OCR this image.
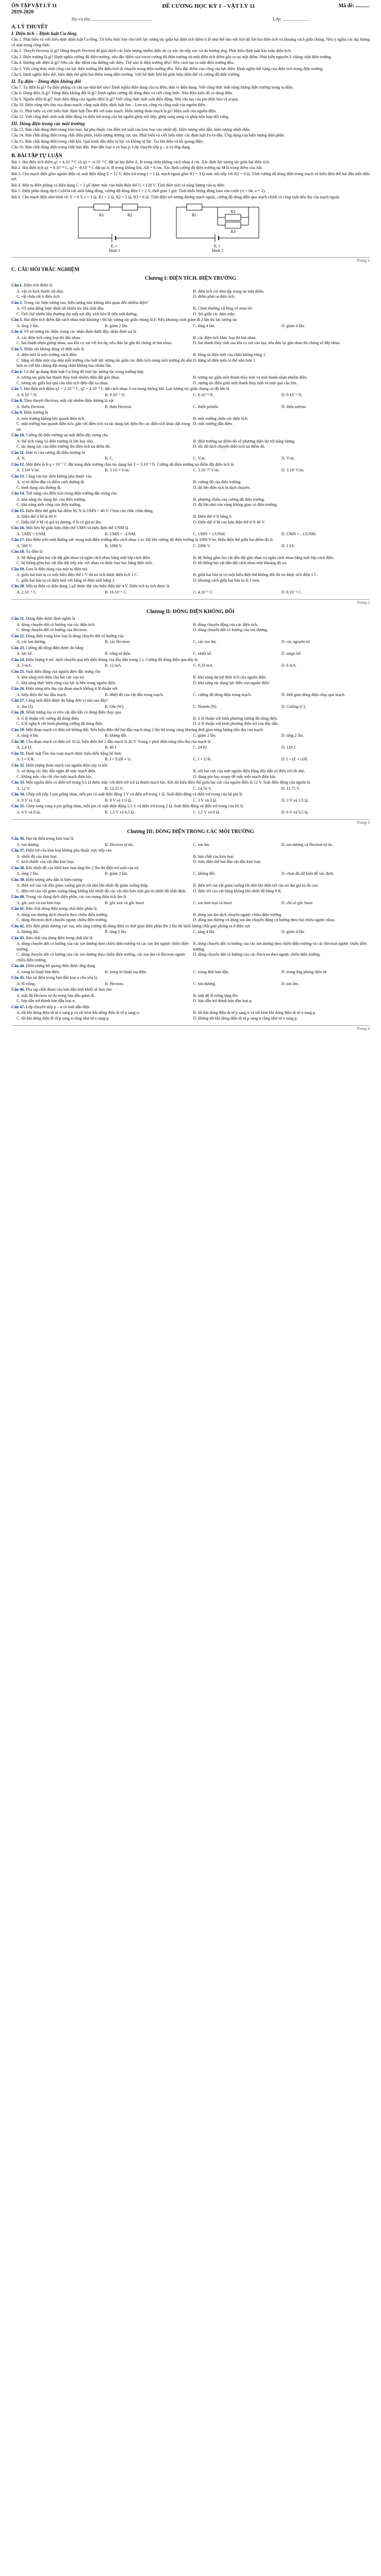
ÔN TẬP VẬT LÝ 11
2019-2020
ĐỀ CƯƠNG HỌC KỲ 1 – VẬT LÝ 11	Mã đề: ...........
Họ và tên: ....................................................	Lớp: .......................
A. LÝ THUYẾT
I. Điện tích – Định luật Cu-lông
Câu 1. Phát biểu và viết biểu thức định luật Cu-lông. Từ biểu thức hãy cho biết lực tương tác giữa hai điện tích điểm tỉ lệ như thế nào với tích độ lớn hai điện tích và khoảng cách giữa chúng. Nêu ý nghĩa các đại lượng có mặt trong công thức.
Câu 2. Thuyết êlectron là gì? Dùng thuyết êlectron để giải thích các hiện tượng nhiễm điện do cọ xát, do tiếp xúc và do hưởng ứng. Phát biểu định luật bảo toàn điện tích.
Câu 3. Điện trường là gì? Định nghĩa cường độ điện trường, nêu đặc điểm của vectơ cường độ điện trường do một điện tích điểm gây ra tại một điểm. Phát biểu nguyên lí chồng chất điện trường.
Câu 4. Đường sức điện là gì? Nêu các đặc điểm của đường sức điện. Thế nào là điện trường đều? Nêu cách tạo ra một điện trường đều.
Câu 5. Viết công thức tính công của lực điện trường khi điện tích di chuyển trong điện trường đều. Nêu đặc điểm của công của lực điện. Định nghĩa thế năng của điện tích trong điện trường.
Câu 6. Định nghĩa điện thế, hiệu điện thế giữa hai điểm trong điện trường. Viết hệ thức liên hệ giữa hiệu điện thế và cường độ điện trường.
II. Tụ điện – Dòng điện không đổi
Câu 7. Tụ điện là gì? Tụ điện phẳng có cấu tạo như thế nào? Định nghĩa điện dung của tụ điện, đơn vị điện dung. Viết công thức tính năng lượng điện trường trong tụ điện.
Câu 8. Dòng điện là gì? Dòng điện không đổi là gì? Định nghĩa cường độ dòng điện và viết công thức. Nêu điều kiện để có dòng điện.
Câu 9. Nguồn điện là gì? Suất điện động của nguồn điện là gì? Viết công thức tính suất điện động. Nêu cấu tạo của pin điện hóa và acquy.
Câu 10. Điện năng tiêu thụ của đoạn mạch, công suất điện, định luật Jun – Len-xơ, công và công suất của nguồn điện.
Câu 11. Phát biểu và viết biểu thức định luật Ôm đối với toàn mạch. Hiện tượng đoản mạch là gì? Hiệu suất của nguồn điện.
Câu 12. Viết công thức tính suất điện động và điện trở trong của bộ nguồn ghép nối tiếp, ghép song song và ghép hỗn hợp đối xứng.
III. Dòng điện trong các môi trường
Câu 13. Bản chất dòng điện trong kim loại. Sự phụ thuộc của điện trở suất của kim loại vào nhiệt độ. Hiện tượng siêu dẫn, hiện tượng nhiệt điện.
Câu 14. Bản chất dòng điện trong chất điện phân. Hiện tượng dương cực tan. Phát biểu và viết biểu thức các định luật Fa-ra-đây. Ứng dụng của hiện tượng điện phân.
Câu 15. Bản chất dòng điện trong chất khí. Quá trình dẫn điện tự lực và không tự lực. Tia lửa điện và hồ quang điện.
Câu 16. Bản chất dòng điện trong chất bán dẫn. Bán dẫn loại n và loại p. Lớp chuyển tiếp p – n và ứng dụng.
B. BÀI TẬP TỰ LUẬN
Bài 1. Hai điện tích điểm q1 = 4.10⁻⁸ C và q2 = -4.10⁻⁸ C đặt tại hai điểm A, B trong chân không cách nhau 4 cm. Xác định lực tương tác giữa hai điện tích.
Bài 2. Hai điện tích q1 = 8.10⁻⁸ C, q2 = -8.10⁻⁸ C đặt tại A, B trong không khí, AB = 6 cm. Xác định cường độ điện trường tại M là trung điểm của AB.
Bài 3. Cho mạch điện gồm nguồn điện có suất điện động E = 12 V, điện trở trong r = 1 Ω, mạch ngoài gồm R1 = 3 Ω mắc nối tiếp với R2 = 8 Ω. Tính cường độ dòng điện trong mạch và hiệu điện thế hai đầu mỗi điện trở.
Bài 4. Một tụ điện phẳng có điện dung C = 2 μF được mắc vào hiệu điện thế U = 120 V. Tính điện tích và năng lượng của tụ điện.
Bài 5. Điện phân dung dịch CuSO4 với anôt bằng đồng, cường độ dòng điện I = 2 A, thời gian 1 giờ. Tính khối lượng đồng bám vào catôt (A = 64, n = 2).
Bài 6. Cho mạch điện như hình vẽ: E = 6 V, r = 1 Ω, R1 = 2 Ω, R2 = 3 Ω, R3 = 6 Ω. Tính điện trở tương đương mạch ngoài, cường độ dòng điện qua mạch chính và công suất tiêu thụ của mạch ngoài.
R1	R2
E, r
Hình 1
R1
R2
R3
E, r
Hình 2
Trang 1
C. CÂU HỎI TRẮC NGHIỆM
Chương I: ĐIỆN TÍCH. ĐIỆN TRƯỜNG
Câu 1. Điện tích điểm là
A. vật có kích thước rất nhỏ.	B. điện tích coi như tập trung tại một điểm.
C. vật chứa rất ít điện tích.	D. điểm phát ra điện tích.
Câu 2. Trong các hiện tượng sau, hiện tượng nào không liên quan đến nhiễm điện?
A. Về mùa đông lược dính rất nhiều tóc khi chải đầu.	B. Chim thường xù lông về mùa rét.
C. Ôtô chở nhiên liệu thường thả một sợi dây xích kéo lê trên mặt đường.	D. Sét giữa các đám mây.
Câu 3. Hai điện tích điểm đặt cách nhau một khoảng r thì lực tương tác giữa chúng là F. Nếu khoảng cách giảm đi 2 lần thì lực tương tác
A. tăng 2 lần.	B. giảm 2 lần.	C. tăng 4 lần.	D. giảm 4 lần.
Câu 4. Về sự tương tác điện, trong các nhận định dưới đây, nhận định sai là
A. các điện tích cùng loại thì đẩy nhau.	B. các điện tích khác loại thì hút nhau.
C. hai thanh nhựa giống nhau, sau khi cọ xát với len dạ, nếu đưa lại gần thì chúng sẽ hút nhau.	D. hai thanh thủy tinh sau khi cọ xát vào lụa, nếu đưa lại gần nhau thì chúng sẽ đẩy nhau.
Câu 5. Nhận xét không đúng về điện môi là
A. điện môi là môi trường cách điện.	B. hằng số điện môi của chân không bằng 1.
C. hằng số điện môi của một môi trường cho biết lực tương tác giữa các điện tích trong môi trường đó nhỏ hơn so với khi chúng đặt trong chân không bao nhiêu lần.
D. hằng số điện môi có thể nhỏ hơn 1.
Câu 6. Có thể áp dụng định luật Cu-lông để tính lực tương tác trong trường hợp
A. tương tác giữa hai thanh thủy tinh nhiễm điện đặt gần nhau.	B. tương tác giữa một thanh thủy tinh và một thanh nhựa nhiễm điện.
C. tương tác giữa hai quả cầu nhỏ tích điện đặt xa nhau.	D. tương tác điện giữa một thanh thủy tinh và một quả cầu lớn.
Câu 7. Hai điện tích điểm q1 = 2.10⁻⁹ C, q2 = 4.10⁻⁹ C đặt cách nhau 3 cm trong không khí. Lực tương tác giữa chúng có độ lớn là
A. 8.10⁻⁵ N.	B. 9.10⁻⁵ N.	C. 8.10⁻⁹ N.	D. 9.10⁻⁶ N.
Câu 8. Theo thuyết êlectron, một vật nhiễm điện dương là vật
A. thiếu êlectron.	B. thừa êlectron.	C. thiếu prôtôn.	D. thừa nơtron.
Câu 9. Điện trường là
A. môi trường không khí quanh điện tích.	B. môi trường chứa các điện tích.
C. môi trường bao quanh điện tích, gắn với điện tích và tác dụng lực điện lên các điện tích khác đặt trong nó.
D. môi trường dẫn điện.
Câu 10. Cường độ điện trường tại một điểm đặc trưng cho
A. thể tích vùng có điện trường là lớn hay nhỏ.	B. điện trường tại điểm đó về phương diện dự trữ năng lượng.
C. tác dụng lực của điện trường lên điện tích tại điểm đó.	D. tốc độ dịch chuyển điện tích tại điểm đó.
Câu 11. Đơn vị của cường độ điện trường là
A. N.	B. C.	C. V.m.	D. V/m.
Câu 12. Một điện tích q = 10⁻⁷ C đặt trong điện trường chịu tác dụng lực F = 3.10⁻³ N. Cường độ điện trường tại điểm đặt điện tích là
A. 3.10⁴ V/m.	B. 3.10⁻⁴ V/m.	C. 3.10⁻¹⁰ V/m.	D. 3.10³ V/m.
Câu 13. Công của lực điện không phụ thuộc vào
A. vị trí điểm đầu và điểm cuối đường đi.	B. cường độ của điện trường.
C. hình dạng của đường đi.	D. độ lớn điện tích bị dịch chuyển.
Câu 14. Thế năng của điện tích trong điện trường đặc trưng cho
A. khả năng tác dụng lực của điện trường.	B. phương chiều của cường độ điện trường.
C. khả năng sinh công của điện trường.	D. độ lớn nhỏ của vùng không gian có điện trường.
Câu 15. Hiệu điện thế giữa hai điểm M, N là UMN = 40 V. Chọn câu chắc chắn đúng.
A. Điện thế ở M là 40 V.	B. Điện thế ở N bằng 0.
C. Điện thế ở M có giá trị dương, ở N có giá trị âm.	D. Điện thế ở M cao hơn điện thế ở N 40 V.
Câu 16. Mối liên hệ giữa hiệu điện thế UMN và hiệu điện thế UNM là
A. UMN = UNM.	B. UMN = –UNM.	C. UMN = 1/UNM.	D. UMN = –1/UNM.
Câu 17. Hai điểm trên một đường sức trong một điện trường đều cách nhau 2 m. Độ lớn cường độ điện trường là 1000 V/m. Hiệu điện thế giữa hai điểm đó là
A. 500 V.	B. 1000 V.	C. 2000 V.	D. 1 kV.
Câu 18. Tụ điện là
A. hệ thống gồm hai vật đặt gần nhau và ngăn cách nhau bằng một lớp cách điện.	B. hệ thống gồm hai vật dẫn đặt gần nhau và ngăn cách nhau bằng một lớp cách điện.
C. hệ thống gồm hai vật dẫn đặt tiếp xúc với nhau và được bao bọc bằng điện môi.	D. hệ thống hai vật dẫn đặt cách nhau một khoảng đủ xa.
Câu 19. Fara là điện dung của một tụ điện mà
A. giữa hai bản tụ có một hiệu điện thế 1 V thì nó tích được điện tích 1 C.	B. giữa hai bản tụ có một hiệu điện thế không đổi thì nó được tích điện 1 C.
C. giữa hai bản tụ có điện môi với hằng số điện môi bằng 1.	D. khoảng cách giữa hai bản tụ là 1 mm.
Câu 20. Một tụ điện có điện dung 2 μF được đặt vào hiệu điện thế 4 V. Điện tích tụ tích được là
A. 2.10⁻⁶ C.	B. 16.10⁻⁶ C.	C. 4.10⁻⁶ C.	D. 8.10⁻⁶ C.
Trang 2
Chương II: DÒNG ĐIỆN KHÔNG ĐỔI
Câu 21. Dòng điện được định nghĩa là
A. dòng chuyển dời có hướng của các điện tích.	B. dòng chuyển động của các điện tích.
C. dòng chuyển dời có hướng của êlectron.	D. dòng chuyển dời có hướng của ion dương.
Câu 22. Dòng điện trong kim loại là dòng chuyển dời có hướng của
A. các ion dương.	B. các êlectron.	C. các ion âm.	D. các nguyên tử.
Câu 23. Cường độ dòng điện được đo bằng
A. lực kế.	B. công tơ điện.	C. nhiệt kế.	D. ampe kế.
Câu 24. Điện lượng 6 mC dịch chuyển qua tiết diện thẳng của dây dẫn trong 2 s. Cường độ dòng điện qua dây là
A. 3 mA.	B. 12 mA.	C. 0,33 mA.	D. 6 mA.
Câu 25. Suất điện động của nguồn điện đặc trưng cho
A. khả năng tích điện cho hai cực của nó.	B. khả năng dự trữ điện tích của nguồn điện.
C. khả năng thực hiện công của lực lạ bên trong nguồn điện.	D. khả năng tác dụng lực điện của nguồn điện.
Câu 26. Điện năng tiêu thụ của đoạn mạch không tỉ lệ thuận với
A. hiệu điện thế hai đầu mạch.	B. nhiệt độ của vật dẫn trong mạch.	C. cường độ dòng điện trong mạch.	D. thời gian dòng điện chạy qua mạch.
Câu 27. Công suất điện được đo bằng đơn vị nào sau đây?
A. Jun (J).	B. Oát (W).	C. Niutơn (N).	D. Culông (C).
Câu 28. Nhiệt lượng tỏa ra trên vật dẫn khi có dòng điện chạy qua
A. tỉ lệ thuận với cường độ dòng điện.	B. tỉ lệ thuận với bình phương cường độ dòng điện.
C. tỉ lệ nghịch với bình phương cường độ dòng điện.	D. tỉ lệ thuận với bình phương điện trở của dây dẫn.
Câu 29. Một đoạn mạch có điện trở không đổi. Nếu hiệu điện thế hai đầu mạch tăng 2 lần thì trong cùng khoảng thời gian năng lượng tiêu thụ của mạch
A. tăng 4 lần.	B. không đổi.	C. giảm 2 lần.	D. tăng 2 lần.
Câu 30. Cho đoạn mạch có điện trở 10 Ω, hiệu điện thế 2 đầu mạch là 20 V. Trong 1 phút điện năng tiêu thụ của mạch là
A. 2,4 kJ.	B. 40 J.	C. 24 kJ.	D. 120 J.
Câu 31. Định luật Ôm cho toàn mạch được biểu diễn bằng hệ thức
A. I = E/R.	B. I = E/(R + r).	C. I = U/R.	D. I = (E + r)/R.
Câu 32. Hiện tượng đoản mạch của nguồn điện xảy ra khi
A. sử dụng các dây dẫn ngắn để mắc mạch điện.	B. nối hai cực của một nguồn điện bằng dây dẫn có điện trở rất nhỏ.
C. không mắc cầu chì cho một mạch điện kín.	D. dùng pin hay acquy để mắc một mạch điện kín.
Câu 33. Một nguồn điện có điện trở trong 0,1 Ω được mắc với điện trở 4,8 Ω thành mạch kín. Khi đó hiệu điện thế giữa hai cực của nguồn điện là 12 V. Suất điện động của nguồn là
A. 12 V.	B. 12,25 V.	C. 14,50 V.	D. 11,75 V.
Câu 34. Ghép nối tiếp 3 pin giống nhau, mỗi pin có suất điện động 3 V và điện trở trong 1 Ω. Suất điện động và điện trở trong của bộ pin là
A. 9 V và 3 Ω.	B. 9 V và 1/3 Ω.	C. 3 V và 3 Ω.	D. 3 V và 1/3 Ω.
Câu 35. Ghép song song 4 pin giống nhau, mỗi pin có suất điện động 1,5 V và điện trở trong 2 Ω. Suất điện động và điện trở trong của bộ là
A. 6 V và 8 Ω.	B. 1,5 V và 0,5 Ω.	C. 1,5 V và 8 Ω.	D. 6 V và 0,5 Ω.
Trang 3
Chương III: DÒNG ĐIỆN TRONG CÁC MÔI TRƯỜNG
Câu 36. Hạt tải điện trong kim loại là
A. ion dương.	B. êlectron tự do.	C. ion âm.	D. ion dương và êlectron tự do.
Câu 37. Điện trở của kim loại không phụ thuộc trực tiếp vào
A. nhiệt độ của kim loại.	B. bản chất của kim loại.
C. kích thước của vật dẫn kim loại.	D. hiệu điện thế hai đầu vật dẫn kim loại.
Câu 38. Khi nhiệt độ của khối kim loại tăng lên 2 lần thì điện trở suất của nó
A. tăng 2 lần.	B. giảm 2 lần.	C. không đổi.	D. chưa đủ dữ kiện để xác định.
Câu 39. Hiện tượng siêu dẫn là hiện tượng
A. điện trở của vật dẫn giảm xuống giá trị rất nhỏ khi nhiệt độ giảm xuống thấp.	B. điện trở của vật giảm xuống rất nhỏ khi điện trở của nó đạt giá trị đủ cao.
C. điện trở của vật giảm xuống bằng không khi nhiệt độ của vật nhỏ hơn một giá trị nhiệt độ nhất định.	D. điện trở của vật bằng không khi nhiệt độ bằng 0 K.
Câu 40. Trong các dung dịch điện phân, các ion mang điện tích âm là
A. gốc axit và ion kim loại.	B. gốc axit và gốc bazơ.	C. ion kim loại và bazơ.	D. chỉ có gốc bazơ.
Câu 41. Bản chất dòng điện trong chất điện phân là
A. dòng ion dương dịch chuyển theo chiều điện trường.	B. dòng ion âm dịch chuyển ngược chiều điện trường.
C. dòng êlectron dịch chuyển ngược chiều điện trường.	D. dòng ion dương và dòng ion âm chuyển động có hướng theo hai chiều ngược nhau.
Câu 42. Khi điện phân dương cực tan, nếu tăng cường độ dòng điện và thời gian điện phân lên 2 lần thì khối lượng chất giải phóng ra ở điện cực
A. không đổi.	B. tăng 2 lần.	C. tăng 4 lần.	D. giảm 4 lần.
Câu 43. Bản chất của dòng điện trong chất khí là
A. dòng chuyển dời có hướng của các ion dương theo chiều điện trường và các ion âm ngược chiều điện trường.
B. dòng chuyển dời có hướng của các ion dương theo chiều điện trường và các êlectron ngược chiều điện trường.
C. dòng chuyển dời có hướng của các ion dương theo chiều điện trường, các ion âm và êlectron ngược chiều điện trường.
D. dòng chuyển dời có hướng của các êlectron theo ngược chiều điện trường.
Câu 44. Hiện tượng hồ quang điện được ứng dụng
A. trong kĩ thuật hàn điện.	B. trong kĩ thuật mạ điện.	C. trong điốt bán dẫn.	D. trong ống phóng điện tử.
Câu 45. Hạt tải điện trong bán dẫn loại n chủ yếu là
A. lỗ trống.	B. êlectron.	C. ion dương.	D. ion âm.
Câu 46. Pha tạp chất đonơ vào bán dẫn tinh khiết sẽ làm cho
A. mật độ êlectron tự do trong bán dẫn giảm đi.	B. mật độ lỗ trống tăng lên.
C. bán dẫn trở thành bán dẫn loại n.	D. bán dẫn trở thành bán dẫn loại p.
Câu 47. Lớp chuyển tiếp p – n có tính dẫn điện
A. tốt khi dòng điện đi từ n sang p và rất kém khi dòng điện đi từ p sang n.	B. tốt khi dòng điện đi từ p sang n và rất kém khi dòng điện đi từ n sang p.
C. tốt khi dòng điện đi từ p sang n cũng như từ n sang p.	D. không tốt khi dòng điện đi từ p sang n cũng như từ n sang p.
Trang 4
